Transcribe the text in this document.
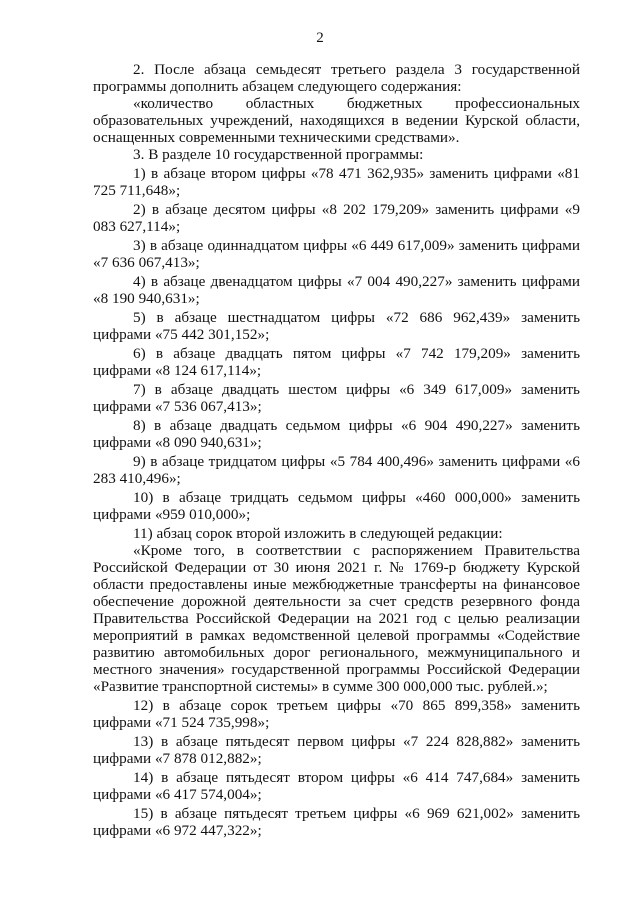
2

2. После абзаца семьдесят третьего раздела 3 государственной программы дополнить абзацем следующего содержания:

«количество областных бюджетных профессиональных образовательных учреждений, находящихся в ведении Курской области, оснащенных современными техническими средствами».

3. В разделе 10 государственной программы:

1) в абзаце втором цифры «78 471 362,935» заменить цифрами «81 725 711,648»;

2) в абзаце десятом цифры «8 202 179,209» заменить цифрами «9 083 627,114»;

3) в абзаце одиннадцатом цифры «6 449 617,009» заменить цифрами «7 636 067,413»;

4) в абзаце двенадцатом цифры «7 004 490,227» заменить цифрами «8 190 940,631»;

5) в абзаце шестнадцатом цифры «72 686 962,439» заменить цифрами «75 442 301,152»;

6) в абзаце двадцать пятом цифры «7 742 179,209» заменить цифрами «8 124 617,114»;

7) в абзаце двадцать шестом цифры «6 349 617,009» заменить цифрами «7 536 067,413»;

8) в абзаце двадцать седьмом цифры «6 904 490,227» заменить цифрами «8 090 940,631»;

9) в абзаце тридцатом цифры «5 784 400,496» заменить цифрами «6 283 410,496»;

10) в абзаце тридцать седьмом цифры «460 000,000» заменить цифрами «959 010,000»;

11) абзац сорок второй изложить в следующей редакции:

«Кроме того, в соответствии с распоряжением Правительства Российской Федерации от 30 июня 2021 г. № 1769-р бюджету Курской области предоставлены иные межбюджетные трансферты на финансовое обеспечение дорожной деятельности за счет средств резервного фонда Правительства Российской Федерации на 2021 год с целью реализации мероприятий в рамках ведомственной целевой программы «Содействие развитию автомобильных дорог регионального, межмуниципального и местного значения» государственной программы Российской Федерации «Развитие транспортной системы» в сумме 300 000,000 тыс. рублей.»;

12) в абзаце сорок третьем цифры «70 865 899,358» заменить цифрами «71 524 735,998»;

13) в абзаце пятьдесят первом цифры «7 224 828,882» заменить цифрами «7 878 012,882»;

14) в абзаце пятьдесят втором цифры «6 414 747,684» заменить цифрами «6 417 574,004»;

15) в абзаце пятьдесят третьем цифры «6 969 621,002» заменить цифрами «6 972 447,322»;
